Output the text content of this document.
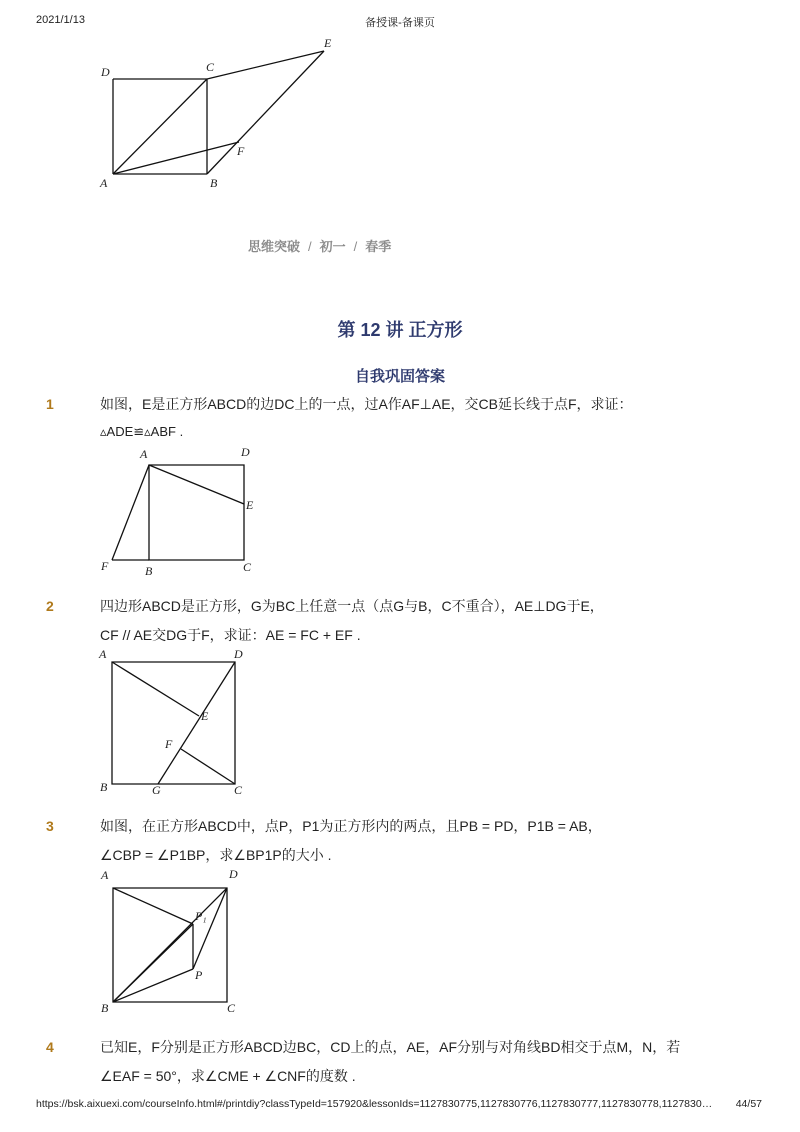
2021/1/13	备授课-备课页
D	C
E
F
A	B
思维突破 / 初一 / 春季
第 12 讲 正方形
自我巩固答案
1	如图，E是正方形ABCD的边DC上的一点，过A作AF⊥AE，交CB延长线于点F，求证：
▵ADE≌▵ABF .
A	D
E
F	B	C
2	四边形ABCD是正方形，G为BC上任意一点（点G与B，C不重合），AE⊥DG于E，
CF // AE交DG于F，求证：AE = FC + EF .
A	D
E
F
B	G	C
3	如图，在正方形ABCD中，点P，P1为正方形内的两点，且PB = PD，P1B = AB，
∠CBP = ∠P1BP，求∠BP1P的大小 .
A	D
P₁
P
B	C
4	已知E，F分别是正方形ABCD边BC，CD上的点，AE，AF分别与对角线BD相交于点M，N，若
∠EAF = 50°，求∠CME + ∠CNF的度数 .
https://bsk.aixuexi.com/courseInfo.html#/printdiy?classTypeId=157920&lessonIds=1127830775,1127830776,1127830777,1127830778,1127830…	44/57
